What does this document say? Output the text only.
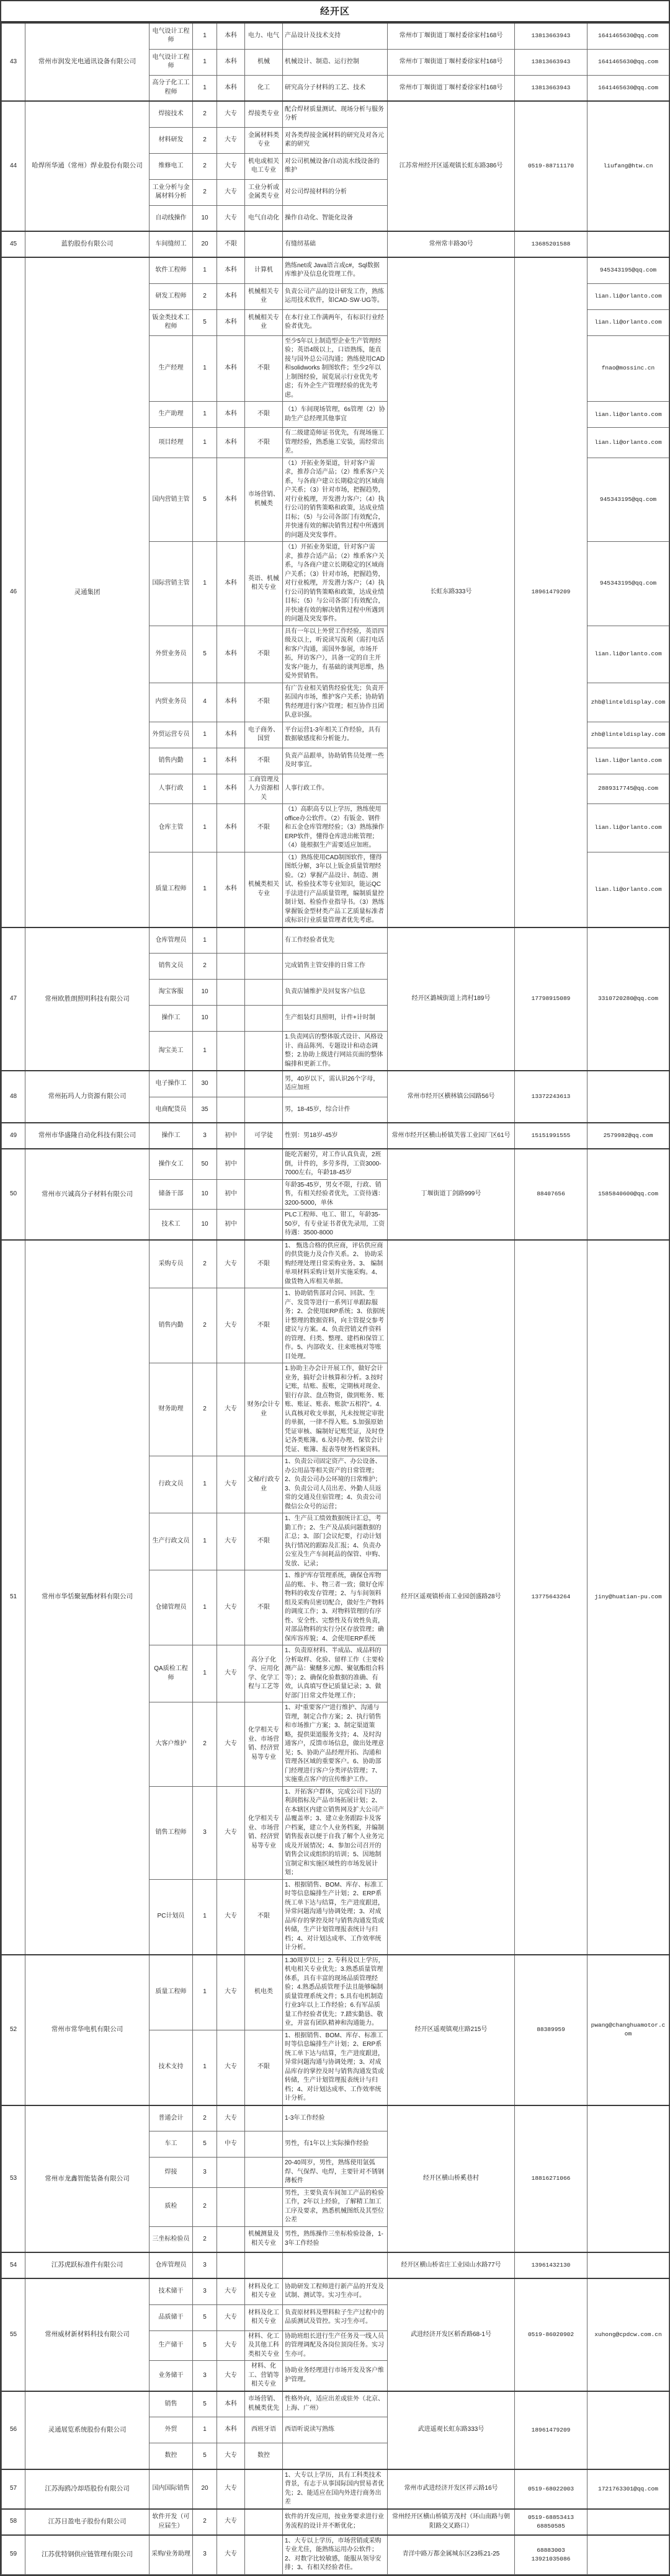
经开区
43	常州市润发光电通讯设备有限公司	电气设计工程师	1	本科	电力、电气	产品设计及技术支持	常州市丁堰街道丁堰村委徐家村168号	13813663943	1641465630@qq.com
		电气设计工程师	1	本科	机械	机械设计、制造、运行控制	常州市丁堰街道丁堰村委徐家村168号	13813663943	1641465630@qq.com
		高分子化工工程师	1	本科	化工	研究高分子材料的工艺、技术	常州市丁堰街道丁堰村委徐家村168号	13813663943	1641465630@qq.com
44	哈焊所华通（常州）焊业股份有限公司	焊接技术	2	大专	焊接类专业	配合焊材质量测试、现场分析与服务分析	江苏常州经开区遥观镇长虹东路386号	0519-88711170	liufang@htw.cn
		材料研发	2	大专	金属材料类专业	对各类焊接金属材料的研究及对各元素的研究			
		维修电工	2	大专	机电或相关电工专业	对公司机械设备/自动流水线设备的维护			
		工业分析与金属材料分析	2	大专	工业分析或金属类专业	对公司焊接材料的分析			
		自动线操作	10	大专	电气自动化	操作自动化、智能化设备			
45	蓝豹股份有限公司	车间缝纫工	20	不限		有缝纫基础	常州常丰路30号	13685201588	
46	灵通集团	软件工程师	1	本科	计算机	熟练net或 Java语言或c#，Sql数据库维护及信息化管理工作。	长虹东路333号	18961479209	945343195@qq.com
		研发工程师	2	本科	机械相关专业	负责公司产品的设计研发工作，熟练运用技术软件，如CAD·SW·UG等。			lian.li@orlanto.com
		钣金类技术工程师	5	本科	机械相关专业	在本行业工作满两年，有标识行业经验者优先。			lian.li@orlanto.com
		生产经理	1	本科	不限	至少5年以上制造型企业生产管理经验；英语4级以上，口语熟练，能直接与国外总公司沟通；熟练使用CAD和solidworks 制图软件；至少2年以上制图经验，展览展示行业优先考虑；有外企生产管理经验的优先考虑。			fnao@mossinc.cn
		生产助理	1	本科	不限	（1）车间现场管理，6s管理（2）协助生产总经理其他事宜			lian.li@orlanto.com
		项目经理	1	本科	不限	有二级建造师证书优先，有现场施工管理经验，熟悉施工安装，需经常出差。			lian.li@orlanto.com
		国内营销主管	5	本科	市场营销、机械类	（1）开拓业务渠道，针对客户需求，推荐合适产品；（2）维系客户关系，与各商户建立长期稳定的区域商户关系；（3）针对市场，把握趋势，对行业梳理，开发潜力客户；（4）执行公司的销售策略和政策，达成业绩目标；（5）与公司各部门有效配合，并快速有效的解决销售过程中所遇到的问题及突发事件。			945343195@qq.com
		国际营销主管	1	本科	英语、机械相关专业	（1）开拓业务渠道，针对客户需求，推荐合适产品；（2）维系客户关系，与各商户建立长期稳定的区域商户关系；（3）针对市场，把握趋势，对行业梳理，开发潜力客户；（4）执行公司的销售策略和政策，达成业绩目标；（5）与公司各部门有效配合，并快速有效的解决销售过程中所遇到的问题及突发事件。			945343195@qq.com
		外贸业务员	5	本科	不限	具有一年以上外贸工作经验，英语四级及以上，听说读写流利（需打电话和客户沟通，需国外参展，市场开拓，拜访客户），具备一定的自主开发客户能力，有基础的谈判思维，热爱外贸销售。			lian.li@orlanto.com
		内贸业务员	4	本科	不限	有广告业相关销售经验优先；负责开拓国内市场，维护客户关系；协助销售经理进行客户管理；相互协作且团队意识强。			zhb@linteldisplay.com
		外贸运营专员	1	本科	电子商务、国贸	平台运营1-3年相关工作经验，具有数据敏感度和分析能力。			zhb@linteldisplay.com
		销售内勤	1	本科	不限	负责产品跟单，协助销售员处理一些及时事宜。			lian.li@orlanto.com
		人事行政	1	本科	工商管理及人力资源相关	人事行政工作。			2889317745@qq.com
		仓库主管	1	本科	不限	（1）高职高专以上学历，熟练使用office办公软件。（2）有钣金、钢件和五金仓库管理经验；（3）熟练操作ERP软件，懂得仓库进出帐管理；（4）能根据生产需要适应加班。			lian.li@orlanto.com
		质量工程师	1	本科	机械类相关专业	（1）熟练使用CAD制图软件，懂得图纸分解，3年以上钣金质量管理经验。（2）掌握产品设计、制造、测试、检验技术等专业知识，能运QC手法进行产品质量管理，编制质量控制计划、检验作业指导书。（3）熟练掌握钣金型材类产品工艺质量标准者或标识行业质量管理者优先考虑。			lian.li@orlanto.com
47	常州欧胜朗照明科技有限公司	仓库管理员	1			有工作经验者优先	经开区潞城街道上湾村189号	17798915089	3310720280@qq.com
		销售文员	2			完成销售主管安排的日常工作			
		淘宝客服	10			负责店铺维护及回复客户信息			
		操作工	10			生产组装灯具照明，计件+计时制			
		淘宝美工	1			1.负责网店的整体版式设计、风格设计、商品陈列、专题设计和动态调整；2.协助上级进行网站页面的整体编排和更新工作。			
48	常州拓玛人力资源有限公司	电子操作工	30			男，40岁以下，需认识26个字母，适应加班	常州市经开区横林镇公园路56号	13372243613	
		电商配货员	35			男，18-45岁，综合计件			
49	常州市华盛隆自动化科技有限公司	操作工	3	初中	可学徒	性别：男18岁-45岁	常州市经开区横山桥镇芙蓉工业园厂区61号	15151991555	2579982@qq.com
50	常州市兴诚高分子材料有限公司	操作女工	50	初中		能吃苦耐劳，对工作认真负责，2班倒，计件的，多劳多得，工资3000-7000左右，年龄18-45岁	丁堰街道丁剑路999号	88407656	1585840600@qq.com
		储备干部	10	初中		年龄35-45岁，男女不限，行政、销售，有相关经验者优先，工资待遇：3200-5000，单休			
		技术工	10	初中		PLC工程师、电工、钳工，年龄35-50岁，有专业证书者优先录用，工资待遇：3500-8000			
51	常州市华恬聚氨酯材料有限公司	采购专员	2	大专	不限	1、 甄选合格的供应商，评估供应商的供货能力及合作关系。2、 协助采购经理处理日常采购业务。3、 编制单项材料采购计划并实施采购。4、 做货物入库相关单据。	经开区遥观镇桥南工业园创盛路28号	13775643264	jiny@huatian-pu.com
		销售内勤	2	大专	不限	1、协助销售部对合同、回款、生产、发货等进行一系列订单跟踪服务；2、会使用ERP系统；3、依据统计整理的数据资料，向主管提交参考建议与方案。4、负责营销文件资料的管理、归类、整理、建档和保管工作。5、内部收支、往来账核对等账目处理。			
		财务助理	2	大专	财务/会计专业	1.协助主办会计开展工作，做好会计业务，搞好会计核算和分析。3.按时记账，结账、报账，定期核对现金、银行存款、盘点物资，做到账务、账账、账证、账表、账款“五相符”。4.认真核对收支单据，凡未按规定审批的单据，一律不得入账。5.加强原始凭证审核、编制好记账凭证，及时登记各类账簿。6.及时办理、保管会计凭证、账簿、报表等财务档案资料。			
		行政文员	1	大专	文秘/行政专业	1、负责公司固定资产、办公设备、办公用品等相关资产的日常管理；2、负责公司办公环境的日常维护；3、负责公司人员出差、外勤人员返常的交通及住宿管理；4、负责公司微信公众号的运营；			
		生产行政文员	1	大专	不限	1、生产员工绩效数据统计汇总，考勤工作；2、生产及品质问题数据的汇总；3、部门会议纪要，行动计划执行情况的跟踪及汇报；4、负责办公室及生产车间耗品的保管、申购、发放、记录；			
		仓储管理员	1	大专	不限	1、维护库存管理系统，确保仓库物品的账、卡、物三者一致；做好仓库物料的收发存管理；2、与车间领料组及采购员密切配合，做好生产物料的调度工作；3、对物料管理的有序性、安全性、完整性及有效性负责，对部品物料的实行分区存放管理；确保库容库貌；4、会使用ERP系统			
		QA质检工程师	1	大专	高分子化学、应用化学、化学工程与工艺等	1、负责原材料、半成品、成品料的分析取样、化验、留样工作（主要检测产品：聚醚多元醇、聚氨酯组合料等）；2、确保化验数据的准确、有效，认真填写登记质量记录；3、做好部门日常文件处理工作；			
		大客户维护	2	大专	化学相关专业、市场营销、经济贸易等专业	1、对“重要客户”进行维护、沟通与管理，制定合作方案；2、执行销售和市场推广方案；3、制定渠道策略，提供渠道服务支持；4、及时沟通客户，反馈市场信息，做出处理意见；5、协助产品经理开拓、沟通和管理各区域的重要客户。6、协助部门经理进行客户分类评估管理；7、实施重点客户的宣传维护工作。			
		销售工程师	3	大专	化学相关专业、市场营销、经济贸易等专业	1、开拓客户群体，完成公司下达的利润指标及产品市场拓展计划；2、在本辖区内建立销售网及扩大公司产品覆盖率；3、建立业务跟踪卡及客户档案，建立个人业务档案，并编制销售报表以便于自我了解个人业务完成及开展情况；4、参加公司召开的销售会议或组织的培训；5、因地制宜制定和实施区域性的市场发展计划；			
		PC计划员	1	大专	不限	1、根据销售、BOM、库存、标准工时等信息编排生产计划；2、ERP系统工单下达与结算，生产进度跟进，异常问题沟通与协调处理；3、对成品库存的掌控及时与销售沟通发货或转储，生产计划管理报表统计与归档；4、对计划达成率、工作效率统计分析。			
52	常州市常华电机有限公司	质量工程师	1	大专	机电类	1.30周岁以上；2. 专科及以上学历，机电相关专业优先；3.熟悉质量管理体系，具有丰富的现场品质管理经验；4.熟悉品质管理手法且能够编制质量管理系统文件；5.具有电机制造行业3年以上工作经验；6.有军品质量工作经验者优先；7.踏实勤恳、敬业，并富有团队精神和沟通能力。	经开区遥观镇观庄路215号	88389959	pwang@changhuamotor.com
		技术支持	1	大专	不限	1、根据销售、BOM、库存、标准工时等信息编排生产计划；2、ERP系统工单下达与结算，生产进度跟进，异常问题沟通与协调处理；3、对成品库存的掌控及时与销售沟通发货或转储，生产计划管理报表统计与归档；4、对计划达成率、工作效率统计分析。			
53	常州市龙鑫智能装备有限公司	普通会计	2	大专		1-3年工作经验	经开区横山桥奚巷村	18816271066	
		车工	5	中专		男性，有1年以上实际操作经验			
		焊接	3			20-40周岁，男性，熟练使用氩弧焊、气保焊、电焊，主要针对不锈钢薄板件			
		质检	2			男性，主要负责车间加工产品的检验工作，2年以上经验，了解精工加工工序及要求，熟悉机械图纸及其型位公差			
		三坐标检验员	2		机械测量及相关专业	男性，熟练操作三坐标检验设备，1-3年工作经验			
54	江苏虎跃标准件有限公司	仓库管理员	3				经开区横山桥省庄工业园山水路77号	13961432130	
55	常州威材新材料科技有限公司	技术储干	3	大专	材料及化工相关专业	协助研发工程师进行新产品的开发及试制、测试等。实习生亦可。	武进经济开发区稻香路68-1号	0519-86020902	xuhong@cpdcw.com.cn
		品质储干	5	大专	材料及化工相关专业	负责原材料及塑料粒子生产过程中的品质测试及管控。实习生亦可。			
		生产储干	5	大专	材料、化工及其他工科类相关专业	协助班组长进行生产任务及一线人员的管理调配及各岗位顶岗任务。实习生亦可。			
		业务储干	3	大专	材料、化工、营销等相关专业	协助业务经理进行市场开发及客户维护管理。			
56	灵通展览系统股份有限公司	销售	5	本科	市场营销、机械类优先	性格外向，适应出差或驻外（北京、上海、广州）	武进遥观长虹东路333号	18961479209	
		外贸	1	本科	西班牙语	西语听说读写熟练			
		数控	5	大专	数控				
57	江苏海鸥冷却塔股份有限公司	国内国际销售	20	大专		1、大专以上学历，具有工科类技术背景，有志于从事国际国内贸易者优先；2、能适应在国内外进行商务出差	常州市武进经济开发区祥云路16号	0519-68022003	1721763301@qq.com
58	江苏日盈电子股份有限公司	软件开发（可应届生）	2	大专		软件的开发应用，按业务要求进行业务流程的设计并不断优化；	常州经开区横山桥镇芳茂村（环山南路与朝阳路交叉路口）	0519-68853413 68850585	
59	江苏优特钢供应链管理有限公司	采购/业务助理	3	大专		1、大专以上学历，市场营销或采购专业尤佳，能熟练运用办公软件；2、对数字比较敏感，能服从领导安排；3、有相关经验者佳。	青洋中路万都金属城东区23栋21-25	68883003 13921035086	
